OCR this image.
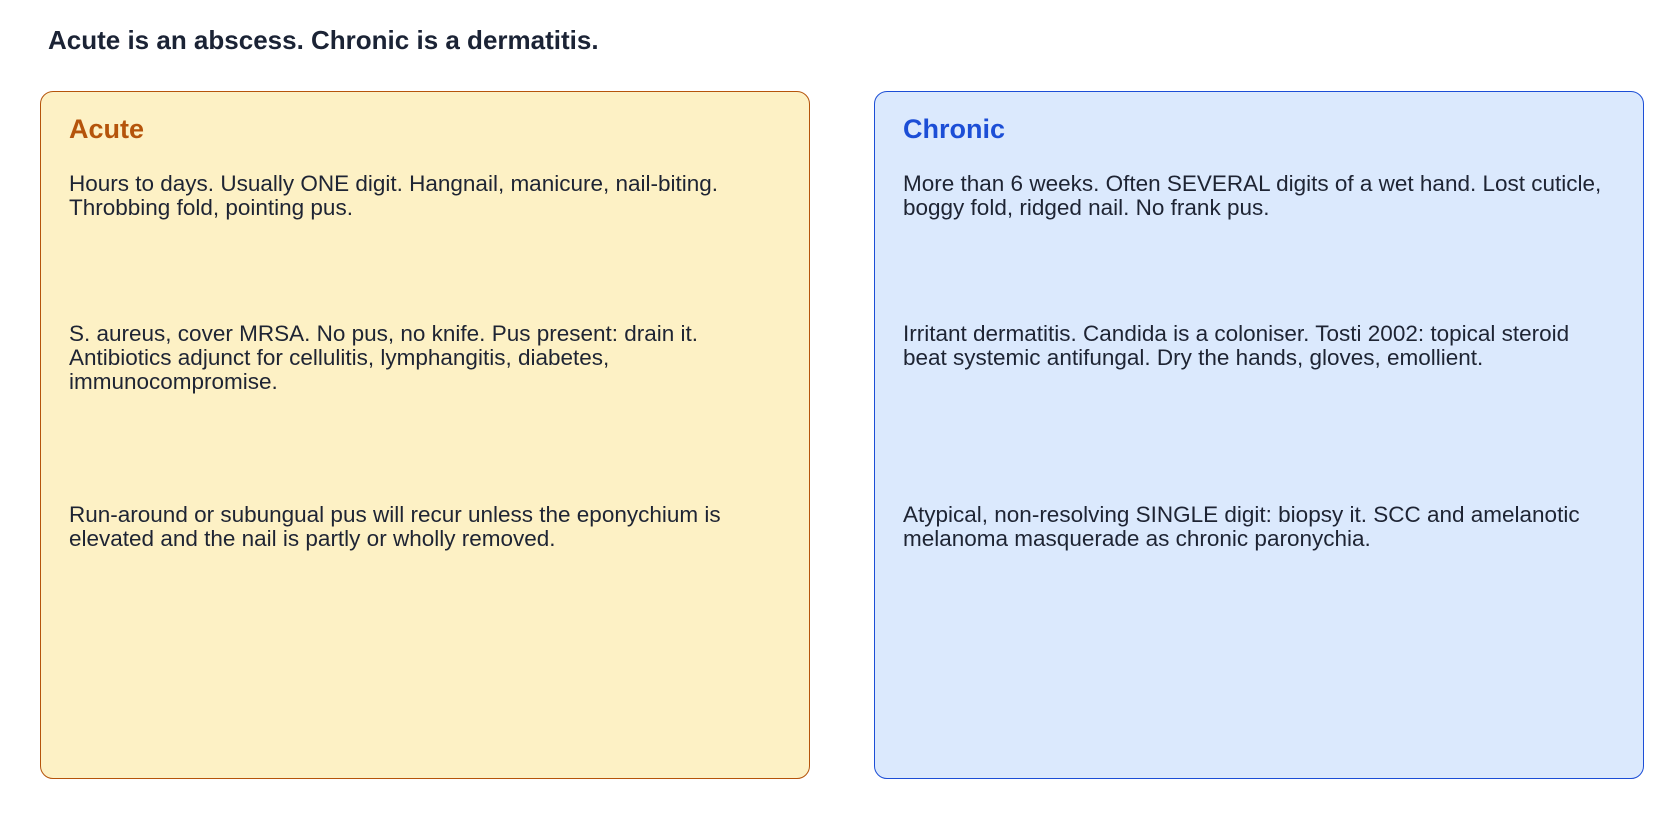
Acute is an abscess. Chronic is a dermatitis.
Acute

Hours to days. Usually ONE digit. Hangnail, manicure, nail-biting. Throbbing fold, pointing pus.

S. aureus, cover MRSA. No pus, no knife. Pus present: drain it. Antibiotics adjunct for cellulitis, lymphangitis, diabetes, immunocompromise.

Run-around or subungual pus will recur unless the eponychium is elevated and the nail is partly or wholly removed.

Chronic

More than 6 weeks. Often SEVERAL digits of a wet hand. Lost cuticle, boggy fold, ridged nail. No frank pus.

Irritant dermatitis. Candida is a coloniser. Tosti 2002: topical steroid beat systemic antifungal. Dry the hands, gloves, emollient.

Atypical, non-resolving SINGLE digit: biopsy it. SCC and amelanotic melanoma masquerade as chronic paronychia.
